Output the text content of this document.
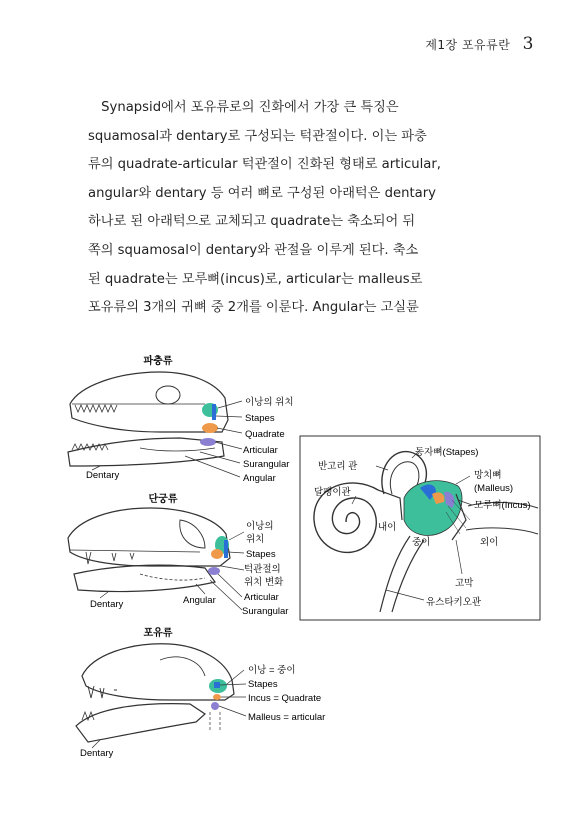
제1장 포유류란 3

　Synapsid에서 포유류로의 진화에서 가장 큰 특징은

squamosal과 dentary로 구성되는 턱관절이다. 이는 파충

류의 quadrate-articular 턱관절이 진화된 형태로 articular,

angular와 dentary 등 여러 뼈로 구성된 아래턱은 dentary

하나로 된 아래턱으로 교체되고 quadrate는 축소되어 뒤

쪽의 squamosal이 dentary와 관절을 이루게 된다. 축소

된 quadrate는 모루뼈(incus)로, articular는 malleus로

포유류의 3개의 귀뼈 중 2개를 이룬다. Angular는 고실륜

파충류
이낭의 위치
Stapes
Quadrate
Articular
Surangular
Angular
Dentary
단궁류
이낭의
위치
Stapes
턱관절의
위치 변화
Articular
Surangular
Angular
Dentary
포유류
이낭 = 중이
Stapes
Incus = Quadrate
Malleus = articular
Dentary
등자뼈(Stapes)
반고리 관
망치뼈
(Malleus)
모루뼈(Incus)
달팽이관
내이
중이	외이
고막
유스타키오관
